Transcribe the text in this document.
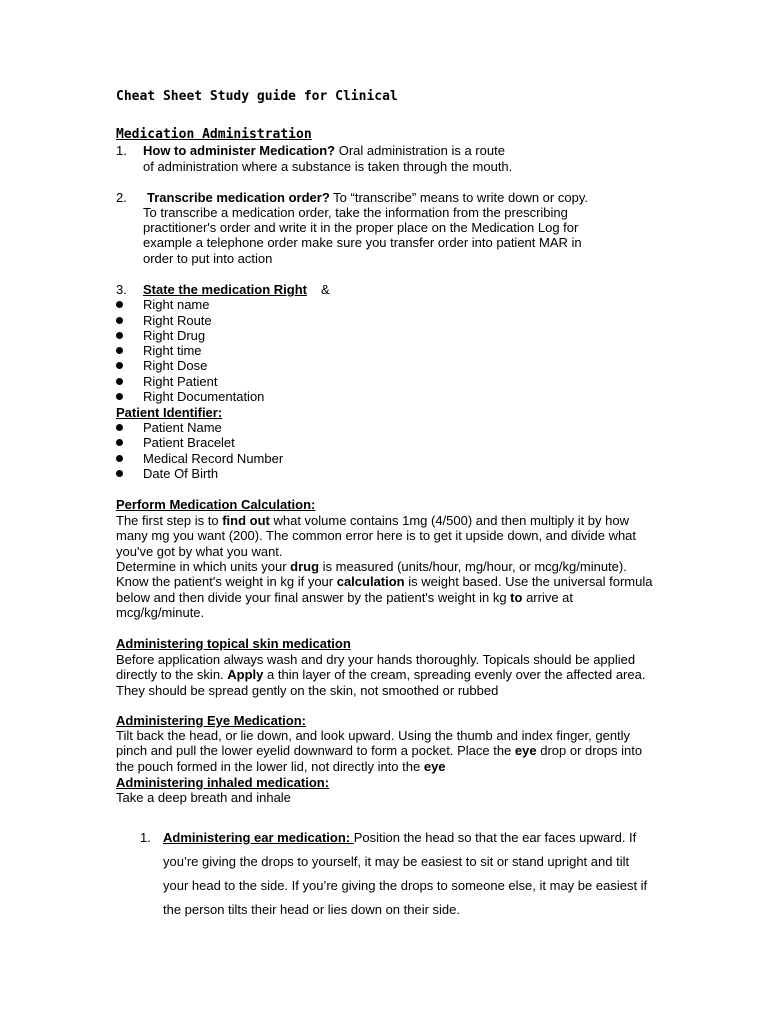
Cheat Sheet Study guide for Clinical
Medication Administration
1. How to administer Medication? Oral administration is a route
of administration where a substance is taken through the mouth.
2. Transcribe medication order? To “transcribe” means to write down or copy.
To transcribe a medication order, take the information from the prescribing
practitioner's order and write it in the proper place on the Medication Log for
example a telephone order make sure you transfer order into patient MAR in
order to put into action
3. State the medication Right &
Right name
Right Route
Right Drug
Right time
Right Dose
Right Patient
Right Documentation
Patient Identifier:
Patient Name
Patient Bracelet
Medical Record Number
Date Of Birth
Perform Medication Calculation:
The first step is to find out what volume contains 1mg (4/500) and then multiply it by how many mg you want (200). The common error here is to get it upside down, and divide what you've got by what you want.
Determine in which units your drug is measured (units/hour, mg/hour, or mcg/kg/minute). Know the patient's weight in kg if your calculation is weight based. Use the universal formula below and then divide your final answer by the patient's weight in kg to arrive at mcg/kg/minute.
Administering topical skin medication
Before application always wash and dry your hands thoroughly. Topicals should be applied directly to the skin. Apply a thin layer of the cream, spreading evenly over the affected area. They should be spread gently on the skin, not smoothed or rubbed
Administering Eye Medication:
Tilt back the head, or lie down, and look upward. Using the thumb and index finger, gently pinch and pull the lower eyelid downward to form a pocket. Place the eye drop or drops into the pouch formed in the lower lid, not directly into the eye
Administering inhaled medication:
Take a deep breath and inhale
1. Administering ear medication: Position the head so that the ear faces upward. If you’re giving the drops to yourself, it may be easiest to sit or stand upright and tilt your head to the side. If you’re giving the drops to someone else, it may be easiest if the person tilts their head or lies down on their side.
